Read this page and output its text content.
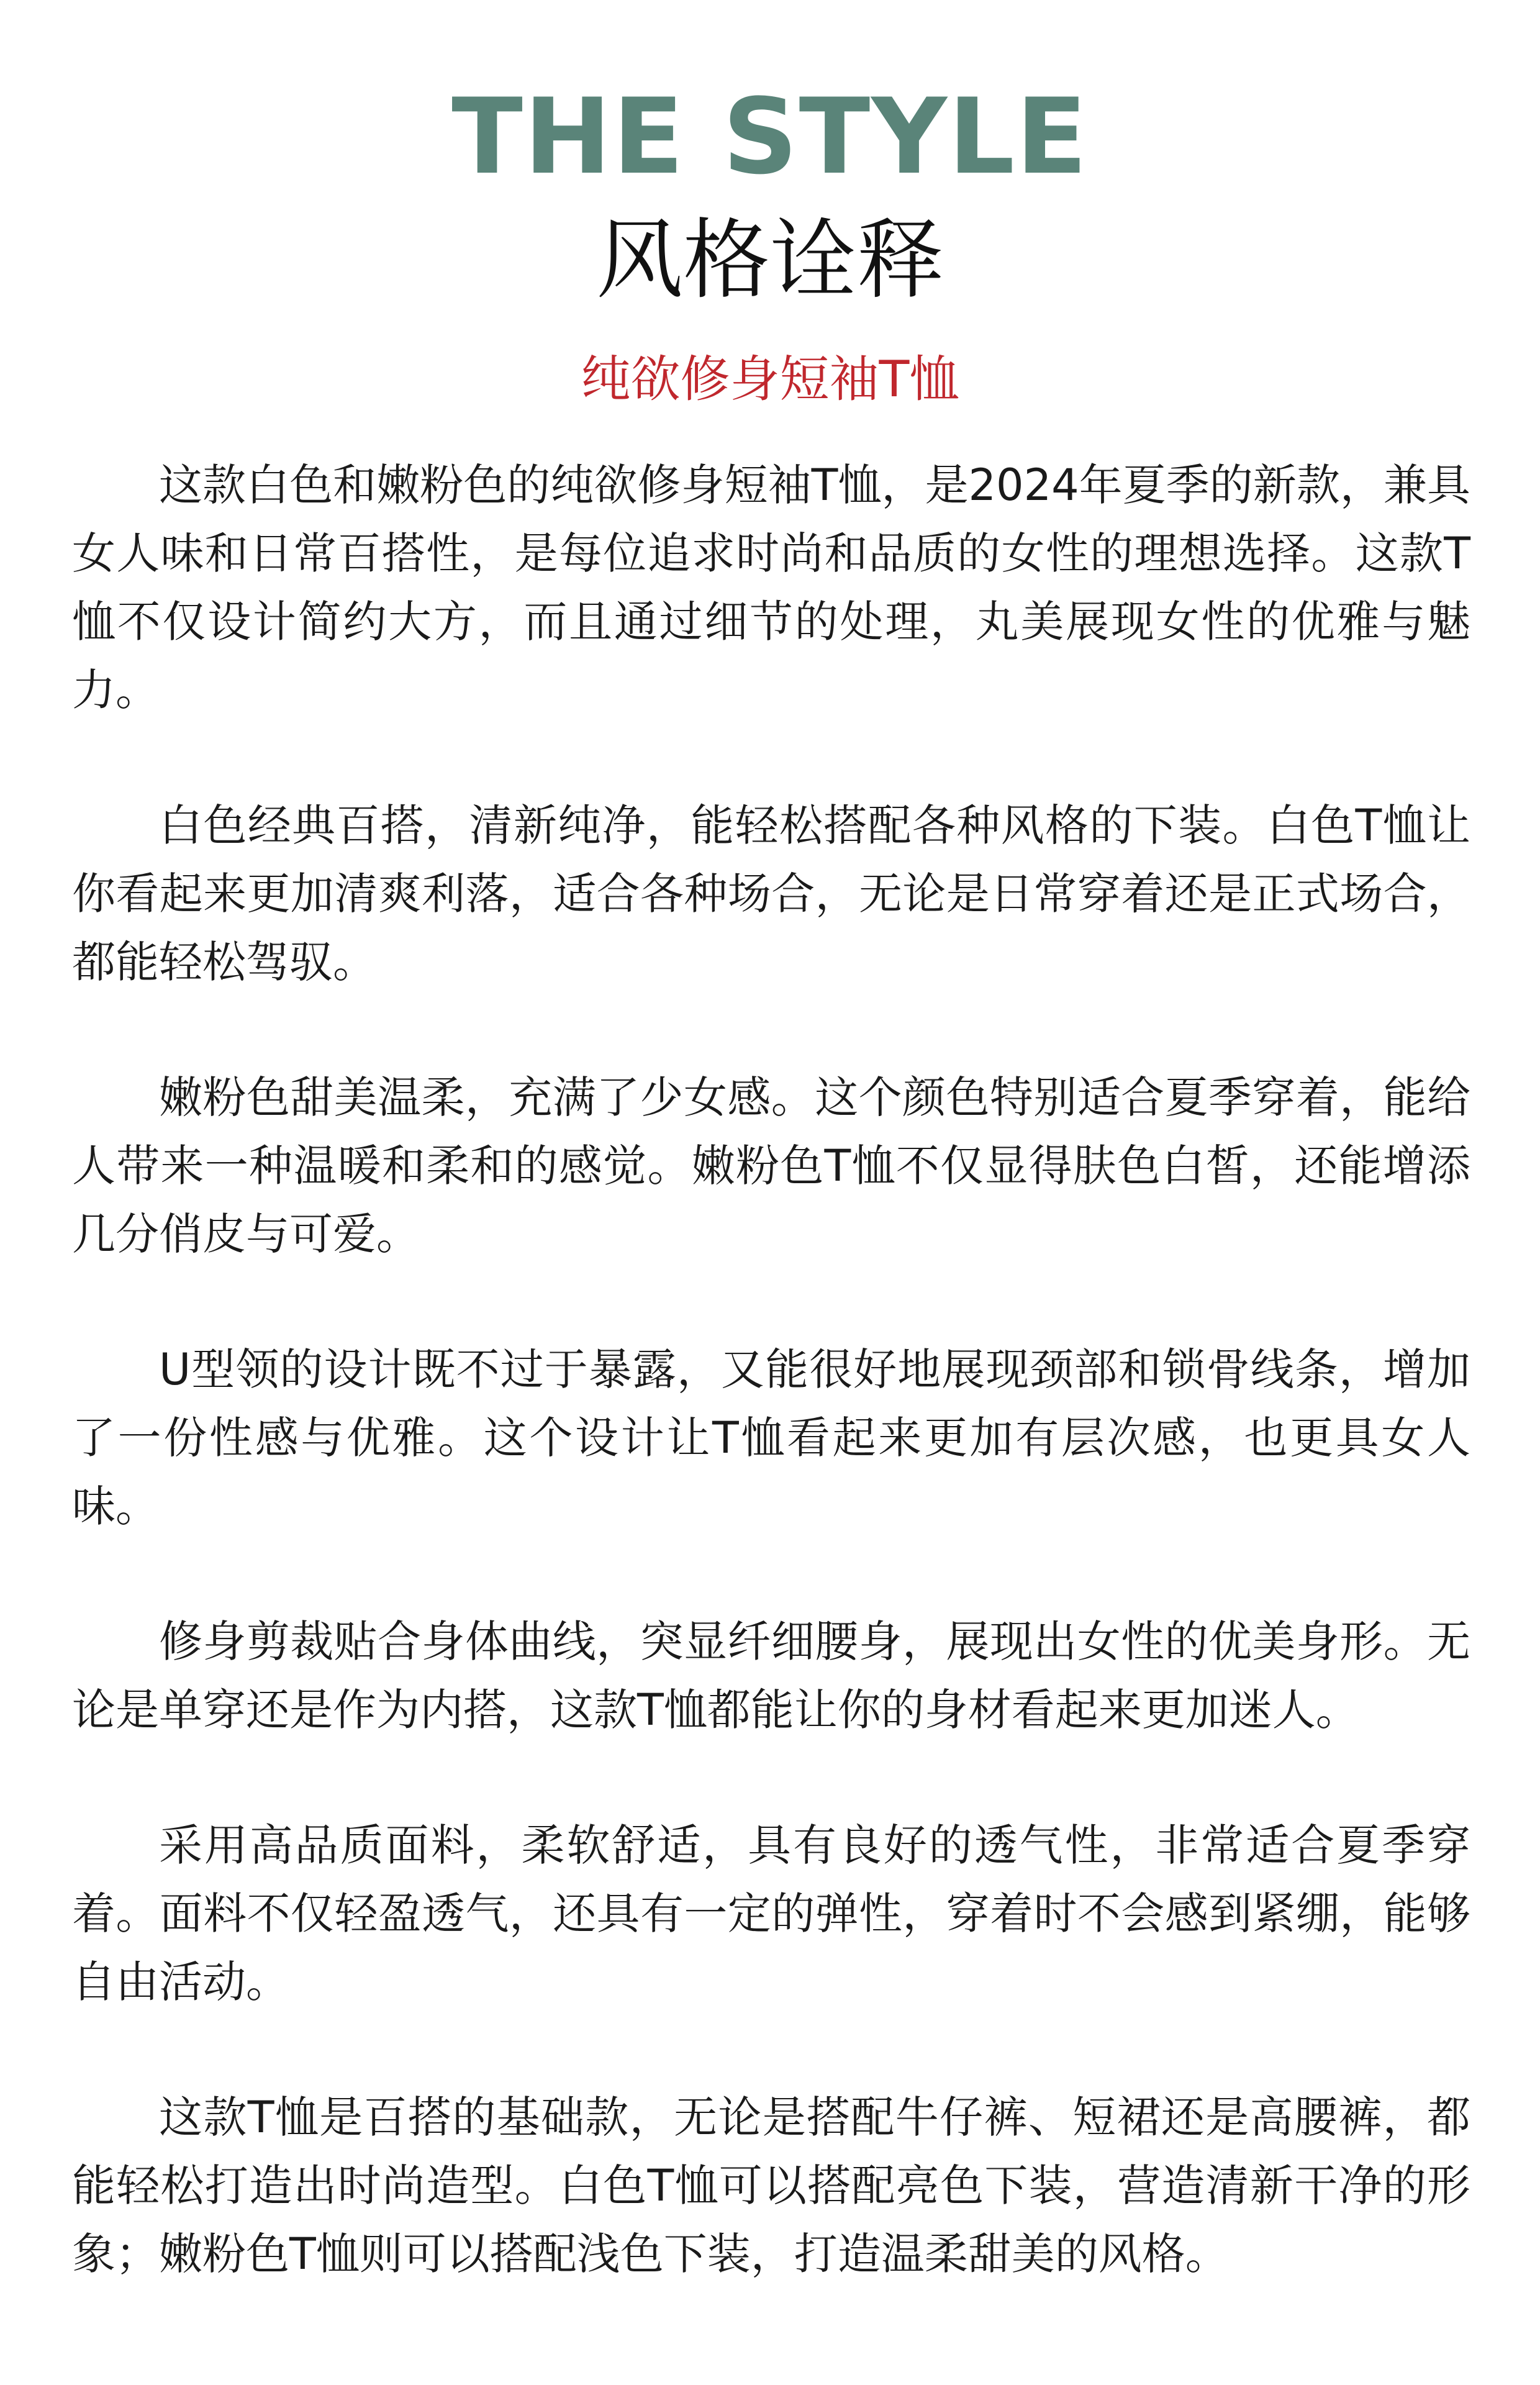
THE STYLE
风格诠释
纯欲修身短袖T恤

这款白色和嫩粉色的纯欲修身短袖T恤，是2024年夏季的新款，兼具女人味和日常百搭性，是每位追求时尚和品质的女性的理想选择。这款T恤不仅设计简约大方，而且通过细节的处理，丸美展现女性的优雅与魅力。

白色经典百搭，清新纯净，能轻松搭配各种风格的下装。白色T恤让你看起来更加清爽利落，适合各种场合，无论是日常穿着还是正式场合，都能轻松驾驭。

嫩粉色甜美温柔，充满了少女感。这个颜色特别适合夏季穿着，能给人带来一种温暖和柔和的感觉。嫩粉色T恤不仅显得肤色白皙，还能增添几分俏皮与可爱。

U型领的设计既不过于暴露，又能很好地展现颈部和锁骨线条，增加了一份性感与优雅。这个设计让T恤看起来更加有层次感，也更具女人味。

修身剪裁贴合身体曲线，突显纤细腰身，展现出女性的优美身形。无论是单穿还是作为内搭，这款T恤都能让你的身材看起来更加迷人。

采用高品质面料，柔软舒适，具有良好的透气性，非常适合夏季穿着。面料不仅轻盈透气，还具有一定的弹性，穿着时不会感到紧绷，能够自由活动。

这款T恤是百搭的基础款，无论是搭配牛仔裤、短裙还是高腰裤，都能轻松打造出时尚造型。白色T恤可以搭配亮色下装，营造清新干净的形象；嫩粉色T恤则可以搭配浅色下装，打造温柔甜美的风格。
